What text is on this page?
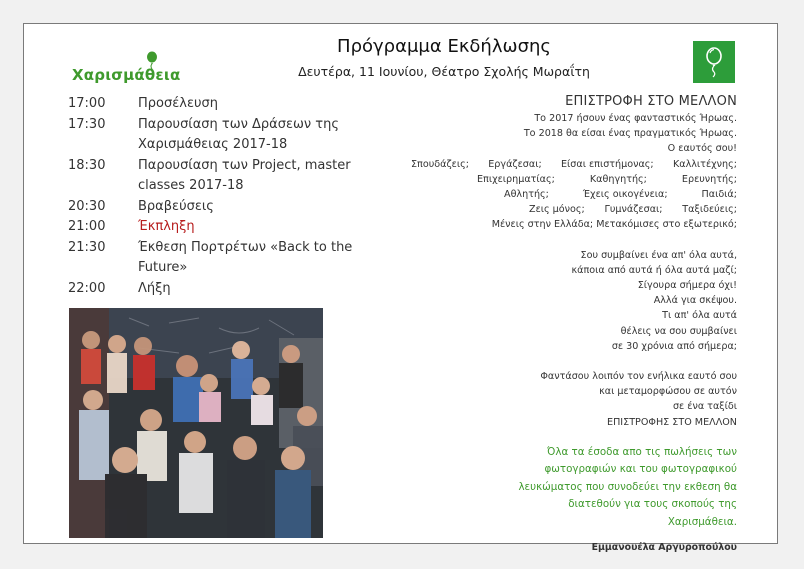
Χαρισμάθεια
Πρόγραμμα Εκδήλωσης
Δευτέρα, 11 Ιουνίου, Θέατρο Σχολής Μωραΐτη
17:00	Προσέλευση
17:30	Παρουσίαση των Δράσεων της
Χαρισμάθειας 2017-18
18:30	Παρουσίαση των Project, master
classes 2017-18
20:30	Βραβεύσεις
21:00	Έκπληξη
21:30	Έκθεση Πορτρέτων «Back to the
Future»
22:00	Λήξη
ΕΠΙΣΤΡΟΦΗ ΣΤΟ ΜΕΛΛΟΝ

Το 2017 ήσουν ένας φανταστικός Ήρωας.

Το 2018 θα είσαι ένας πραγματικός Ήρωας.

Ο εαυτός σου!

Σπουδάζεις; Εργάζεσαι; Είσαι επιστήμονας; Καλλιτέχνης;
Επιχειρηματίας;	Καθηγητής;	Ερευνητής;
Αθλητής;	Έχεις οικογένεια;	Παιδιά;
Ζεις μόνος; Γυμνάζεσαι; Ταξιδεύεις;

Μένεις στην Ελλάδα; Μετακόμισες στο εξωτερικό;

Σου συμβαίνει ένα απ' όλα αυτά,

κάποια από αυτά ή όλα αυτά μαζί;

Σίγουρα σήμερα όχι!

Αλλά για σκέψου.

Τι απ' όλα αυτά

θέλεις να σου συμβαίνει

σε 30 χρόνια από σήμερα;

Φαντάσου λοιπόν τον ενήλικα εαυτό σου

και μεταμορφώσου σε αυτόν

σε ένα ταξίδι

ΕΠΙΣΤΡΟΦΗΣ ΣΤΟ ΜΕΛΛΟΝ

Όλα τα έσοδα απο τις πωλήσεις των

φωτογραφιών και του φωτογραφικού

λευκώματος που συνοδεύει την εκθεση θα

διατεθούν για τους σκοπούς της

Χαρισμάθεια.

Εμμανουέλα Αργυροπούλου
